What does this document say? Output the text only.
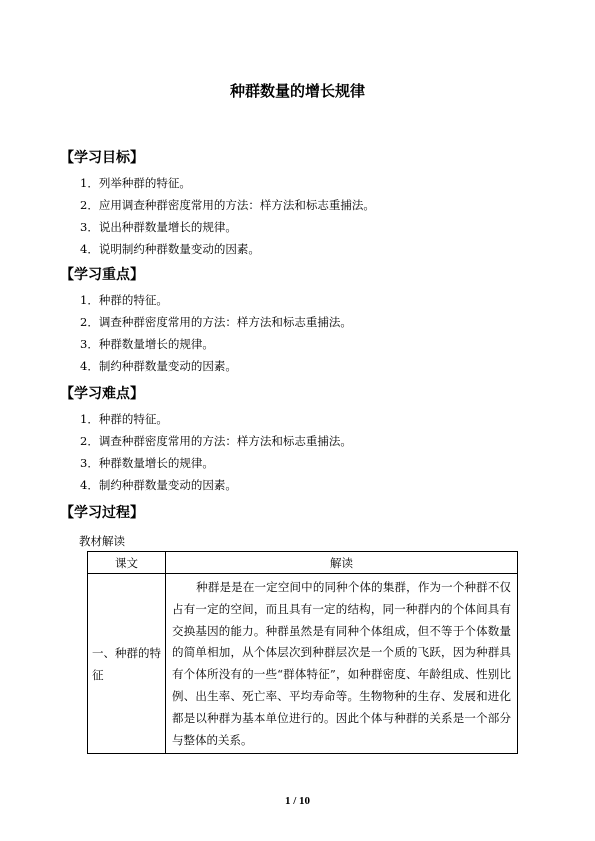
种群数量的增长规律
【学习目标】
1．列举种群的特征。
2．应用调查种群密度常用的方法：样方法和标志重捕法。
3．说出种群数量增长的规律。
4．说明制约种群数量变动的因素。
【学习重点】
1．种群的特征。
2．调查种群密度常用的方法：样方法和标志重捕法。
3．种群数量增长的规律。
4．制约种群数量变动的因素。
【学习难点】
1．种群的特征。
2．调查种群密度常用的方法：样方法和标志重捕法。
3．种群数量增长的规律。
4．制约种群数量变动的因素。
【学习过程】
教材解读
课文	解读
一、种群的特征	种群是是在一定空间中的同种个体的集群，作为一个种群不仅占有一定的空间，而且具有一定的结构，同一种群内的个体间具有交换基因的能力。种群虽然是有同种个体组成，但不等于个体数量的简单相加，从个体层次到种群层次是一个质的飞跃，因为种群具有个体所没有的一些“群体特征”，如种群密度、年龄组成、性别比例、出生率、死亡率、平均寿命等。生物物种的生存、发展和进化都是以种群为基本单位进行的。因此个体与种群的关系是一个部分与整体的关系。
1 / 10
